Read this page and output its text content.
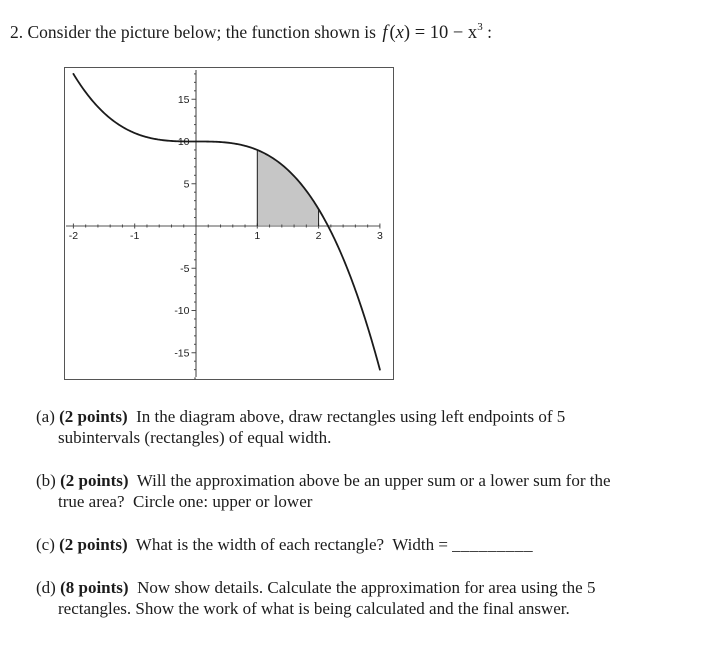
2. Consider the picture below; the function shown is f $(x) = 10 - x^3$ :
-2	-1	1	2	3
15
10
5
-5
-10
-15
(a) (2 points)  In the diagram above, draw rectangles using left endpoints of 5
subintervals (rectangles) of equal width.
(b) (2 points)  Will the approximation above be an upper sum or a lower sum for the
true area?  Circle one: upper or lower
(c) (2 points)  What is the width of each rectangle?  Width = _________
(d) (8 points)  Now show details. Calculate the approximation for area using the 5
rectangles. Show the work of what is being calculated and the final answer.
